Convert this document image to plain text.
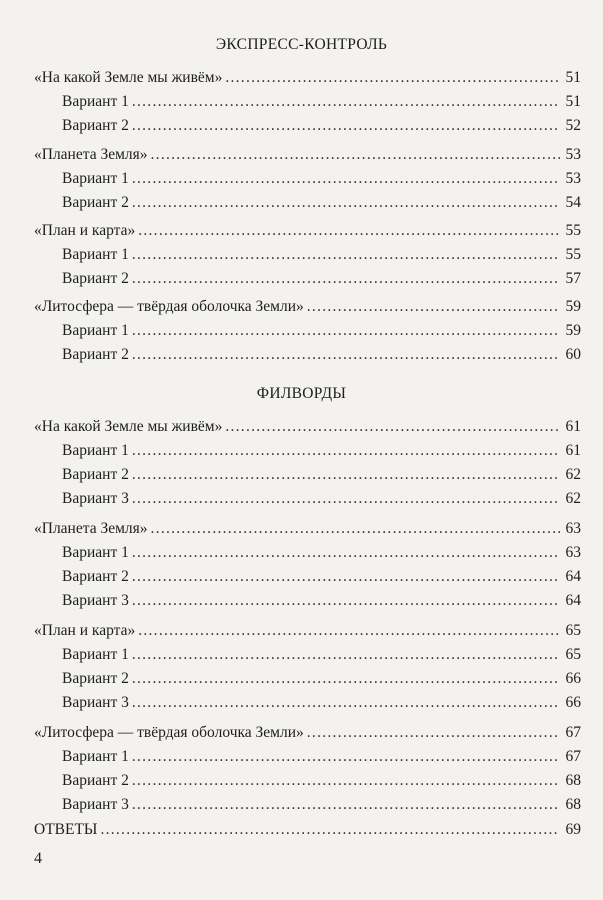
ЭКСПРЕСС-КОНТРОЛЬ
«На какой Земле мы живём» . . .	51
Вариант 1 . . .	51
Вариант 2 . . .	52
«Планета Земля» . . .	53
Вариант 1 . . .	53
Вариант 2 . . .	54
«План и карта» . . .	55
Вариант 1 . . .	55
Вариант 2 . . .	57
«Литосфера — твёрдая оболочка Земли» . . .	59
Вариант 1 . . .	59
Вариант 2 . . .	60
ФИЛВОРДЫ
«На какой Земле мы живём» . . .	61
Вариант 1 . . .	61
Вариант 2 . . .	62
Вариант 3 . . .	62
«Планета Земля» . . .	63
Вариант 1 . . .	63
Вариант 2 . . .	64
Вариант 3 . . .	64
«План и карта» . . .	65
Вариант 1 . . .	65
Вариант 2 . . .	66
Вариант 3 . . .	66
«Литосфера — твёрдая оболочка Земли» . . .	67
Вариант 1 . . .	67
Вариант 2 . . .	68
Вариант 3 . . .	68
ОТВЕТЫ . . .	69
4
